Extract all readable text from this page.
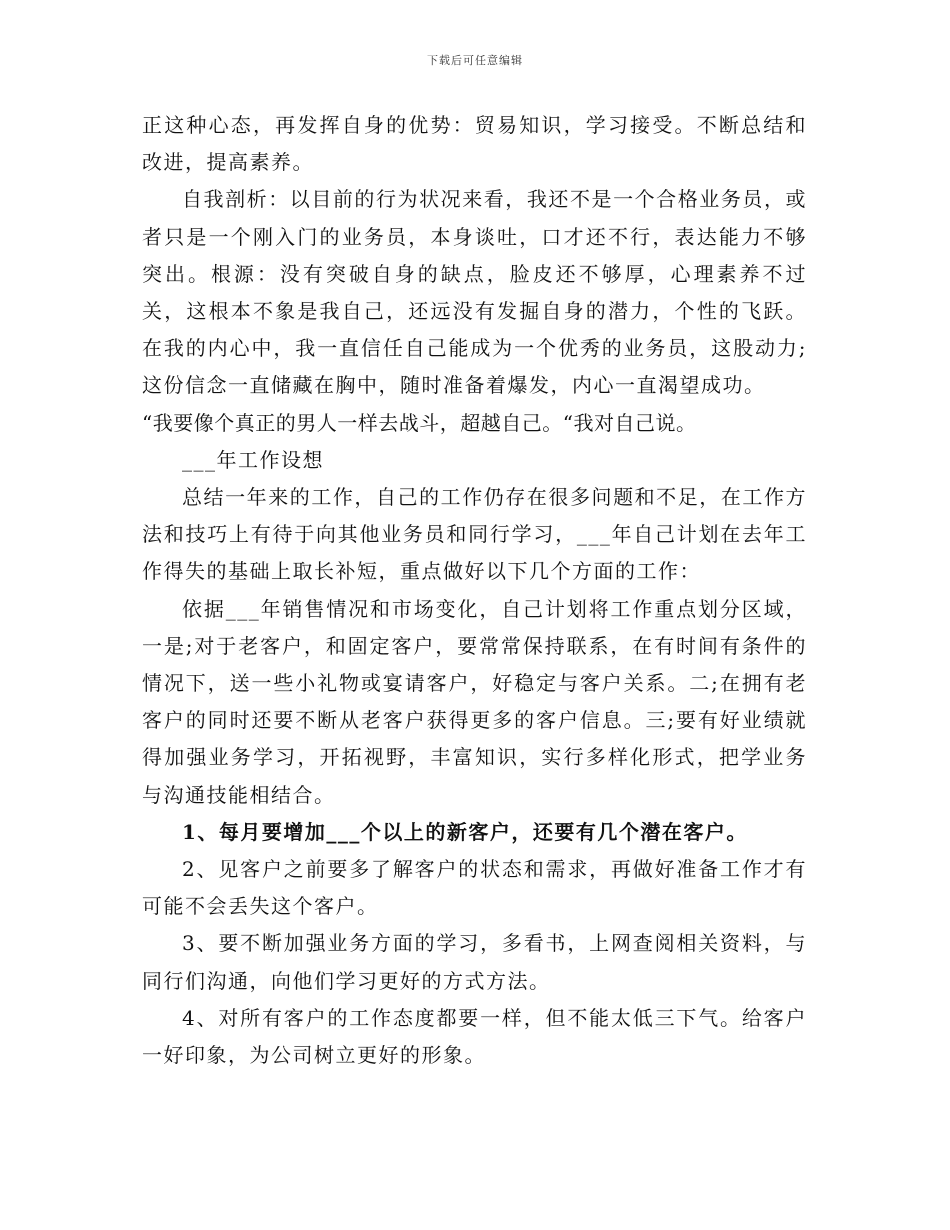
下载后可任意编辑

正这种心态，再发挥自身的优势：贸易知识，学习接受。不断总结和改进，提高素养。

自我剖析：以目前的行为状况来看，我还不是一个合格业务员，或者只是一个刚入门的业务员，本身谈吐，口才还不行，表达能力不够突出。根源：没有突破自身的缺点，脸皮还不够厚，心理素养不过关，这根本不象是我自己，还远没有发掘自身的潜力，个性的飞跃。在我的内心中，我一直信任自己能成为一个优秀的业务员，这股动力;这份信念一直储藏在胸中，随时准备着爆发，内心一直渴望成功。

“我要像个真正的男人一样去战斗，超越自己。“我对自己说。

___年工作设想

总结一年来的工作，自己的工作仍存在很多问题和不足，在工作方法和技巧上有待于向其他业务员和同行学习，___年自己计划在去年工作得失的基础上取长补短，重点做好以下几个方面的工作：

依据___年销售情况和市场变化，自己计划将工作重点划分区域，一是;对于老客户，和固定客户，要常常保持联系，在有时间有条件的情况下，送一些小礼物或宴请客户，好稳定与客户关系。二;在拥有老客户的同时还要不断从老客户获得更多的客户信息。三;要有好业绩就得加强业务学习，开拓视野，丰富知识，实行多样化形式，把学业务与沟通技能相结合。

1、每月要增加___个以上的新客户，还要有几个潜在客户。

2、见客户之前要多了解客户的状态和需求，再做好准备工作才有可能不会丢失这个客户。

3、要不断加强业务方面的学习，多看书，上网查阅相关资料，与同行们沟通，向他们学习更好的方式方法。

4、对所有客户的工作态度都要一样，但不能太低三下气。给客户一好印象，为公司树立更好的形象。
